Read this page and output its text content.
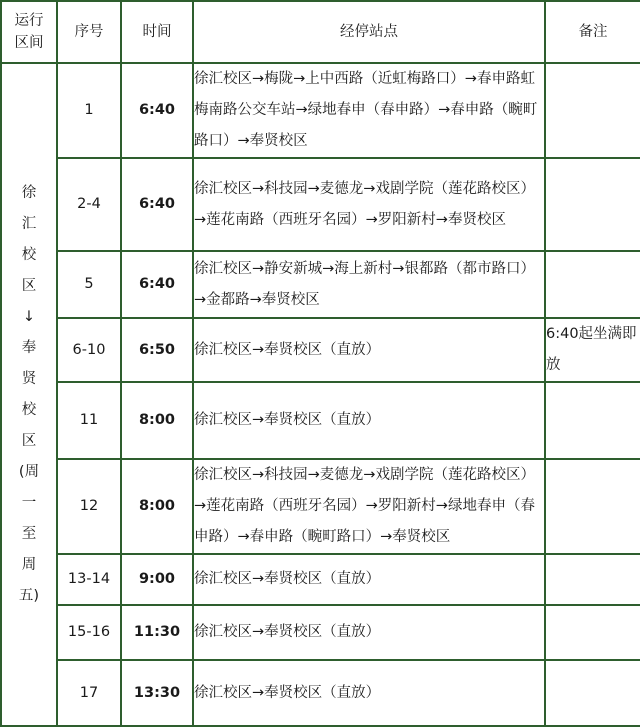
运行区间	序号	时间	经停站点	备注
徐汇校区↓奉贤校区(周一至周五)	1	6:40	徐汇校区→梅陇→上中西路（近虹梅路口）→春申路虹梅南路公交车站→绿地春申（春申路）→春申路（畹町路口）→奉贤校区	
	2-4	6:40	徐汇校区→科技园→麦德龙→戏剧学院（莲花路校区）→莲花南路（西班牙名园）→罗阳新村→奉贤校区	
	5	6:40	徐汇校区→静安新城→海上新村→银都路（都市路口）→金都路→奉贤校区	
	6-10	6:50	徐汇校区→奉贤校区（直放）	6:40起坐满即放
	11	8:00	徐汇校区→奉贤校区（直放）	
	12	8:00	徐汇校区→科技园→麦德龙→戏剧学院（莲花路校区）→莲花南路（西班牙名园）→罗阳新村→绿地春申（春申路）→春申路（畹町路口）→奉贤校区	
	13-14	9:00	徐汇校区→奉贤校区（直放）	
	15-16	11:30	徐汇校区→奉贤校区（直放）	
	17	13:30	徐汇校区→奉贤校区（直放）	
